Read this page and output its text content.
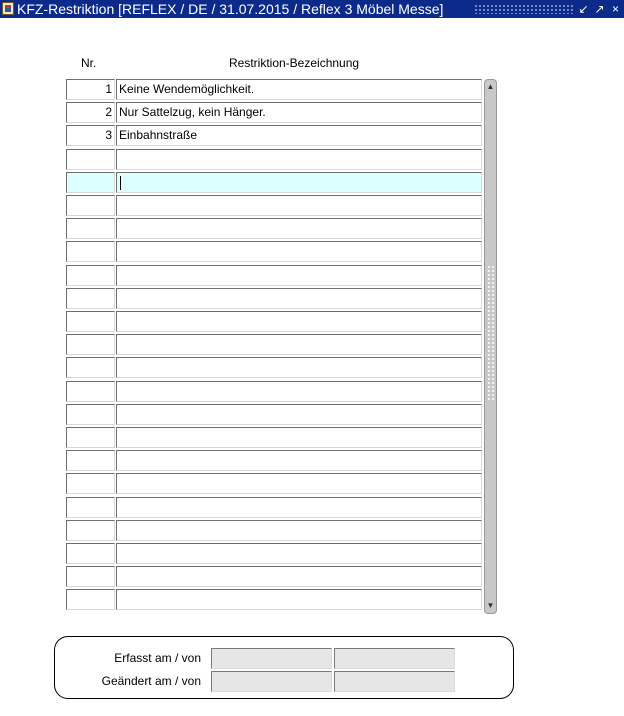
KFZ-Restriktion [REFLEX / DE / 31.07.2015 / Reflex 3 Möbel Messe]	↙ ↗ ×
Nr.	Restriktion-Bezeichnung
1 Keine Wendemöglichkeit.
2 Nur Sattelzug, kein Hänger.
3 Einbahnstraße
▲
▼
Erfasst am / von
Geändert am / von
